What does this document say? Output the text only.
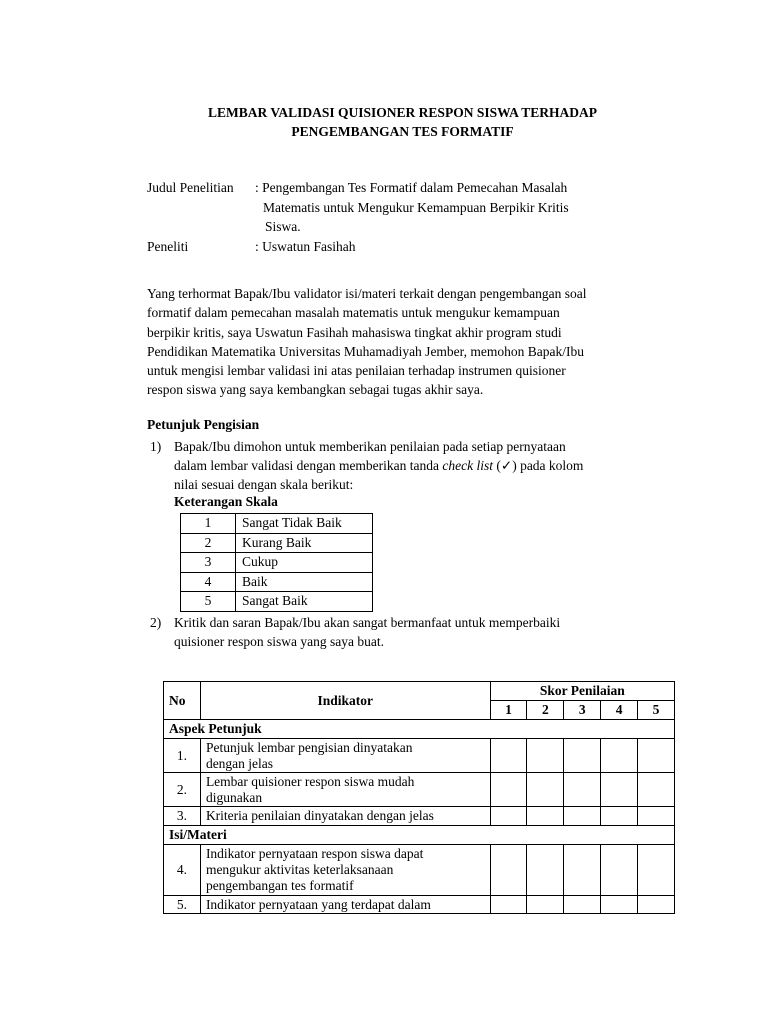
LEMBAR VALIDASI QUISIONER RESPON SISWA TERHADAP
PENGEMBANGAN TES FORMATIF
Judul Penelitian	: Pengembangan Tes Formatif dalam Pemecahan Masalah
Matematis untuk Mengukur Kemampuan Berpikir Kritis
Siswa.
Peneliti	: Uswatun Fasihah
Yang terhormat Bapak/Ibu validator isi/materi terkait dengan pengembangan soal
formatif dalam pemecahan masalah matematis untuk mengukur kemampuan
berpikir kritis, saya Uswatun Fasihah mahasiswa tingkat akhir program studi
Pendidikan Matematika Universitas Muhamadiyah Jember, memohon Bapak/Ibu
untuk mengisi lembar validasi ini atas penilaian terhadap instrumen quisioner
respon siswa yang saya kembangkan sebagai tugas akhir saya.
Petunjuk Pengisian
1) Bapak/Ibu dimohon untuk memberikan penilaian pada setiap pernyataan
dalam lembar validasi dengan memberikan tanda check list (✓) pada kolom
nilai sesuai dengan skala berikut:
Keterangan Skala
1	Sangat Tidak Baik
2	Kurang Baik
3	Cukup
4	Baik
5	Sangat Baik
2) Kritik dan saran Bapak/Ibu akan sangat bermanfaat untuk memperbaiki
quisioner respon siswa yang saya buat.
No	Indikator	Skor Penilaian				
		1	2	3	4	5
Aspek Petunjuk						
1.	Petunjuk lembar pengisian dinyatakan
dengan jelas					

2.	Lembar quisioner respon siswa mudah
digunakan					

3.	Kriteria penilaian dinyatakan dengan jelas					

Isi/Materi						
4.	Indikator pernyataan respon siswa dapat
mengukur aktivitas keterlaksanaan
pengembangan tes formatif					

5.	Indikator pernyataan yang terdapat dalam					
